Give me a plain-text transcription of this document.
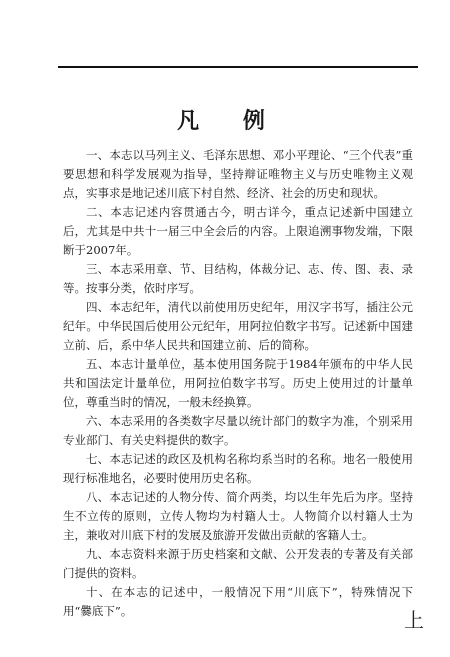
凡 例

一、本志以马列主义、毛泽东思想、邓小平理论、“三个代表”重要思想和科学发展观为指导，坚持辩证唯物主义与历史唯物主义观点，实事求是地记述川底下村自然、经济、社会的历史和现状。

二、本志记述内容贯通古今，明古详今，重点记述新中国建立后，尤其是中共十一届三中全会后的内容。上限追溯事物发端，下限断于2007年。

三、本志采用章、节、目结构，体裁分记、志、传、图、表、录等。按事分类，依时序写。

四、本志纪年，清代以前使用历史纪年，用汉字书写，插注公元纪年。中华民国后使用公元纪年，用阿拉伯数字书写。记述新中国建立前、后，系中华人民共和国建立前、后的简称。

五、本志计量单位，基本使用国务院于1984年颁布的中华人民共和国法定计量单位，用阿拉伯数字书写。历史上使用过的计量单位，尊重当时的情况，一般未经换算。

六、本志采用的各类数字尽量以统计部门的数字为准，个别采用专业部门、有关史料提供的数字。

七、本志记述的政区及机构名称均系当时的名称。地名一般使用现行标准地名，必要时使用历史名称。

八、本志记述的人物分传、简介两类，均以生年先后为序。坚持生不立传的原则，立传人物均为村籍人士。人物简介以村籍人士为主，兼收对川底下村的发展及旅游开发做出贡献的客籍人士。

九、本志资料来源于历史档案和文献、公开发表的专著及有关部门提供的资料。

十、在本志的记述中，一般情况下用“川底下”，特殊情况下用“爨底下”。	上
